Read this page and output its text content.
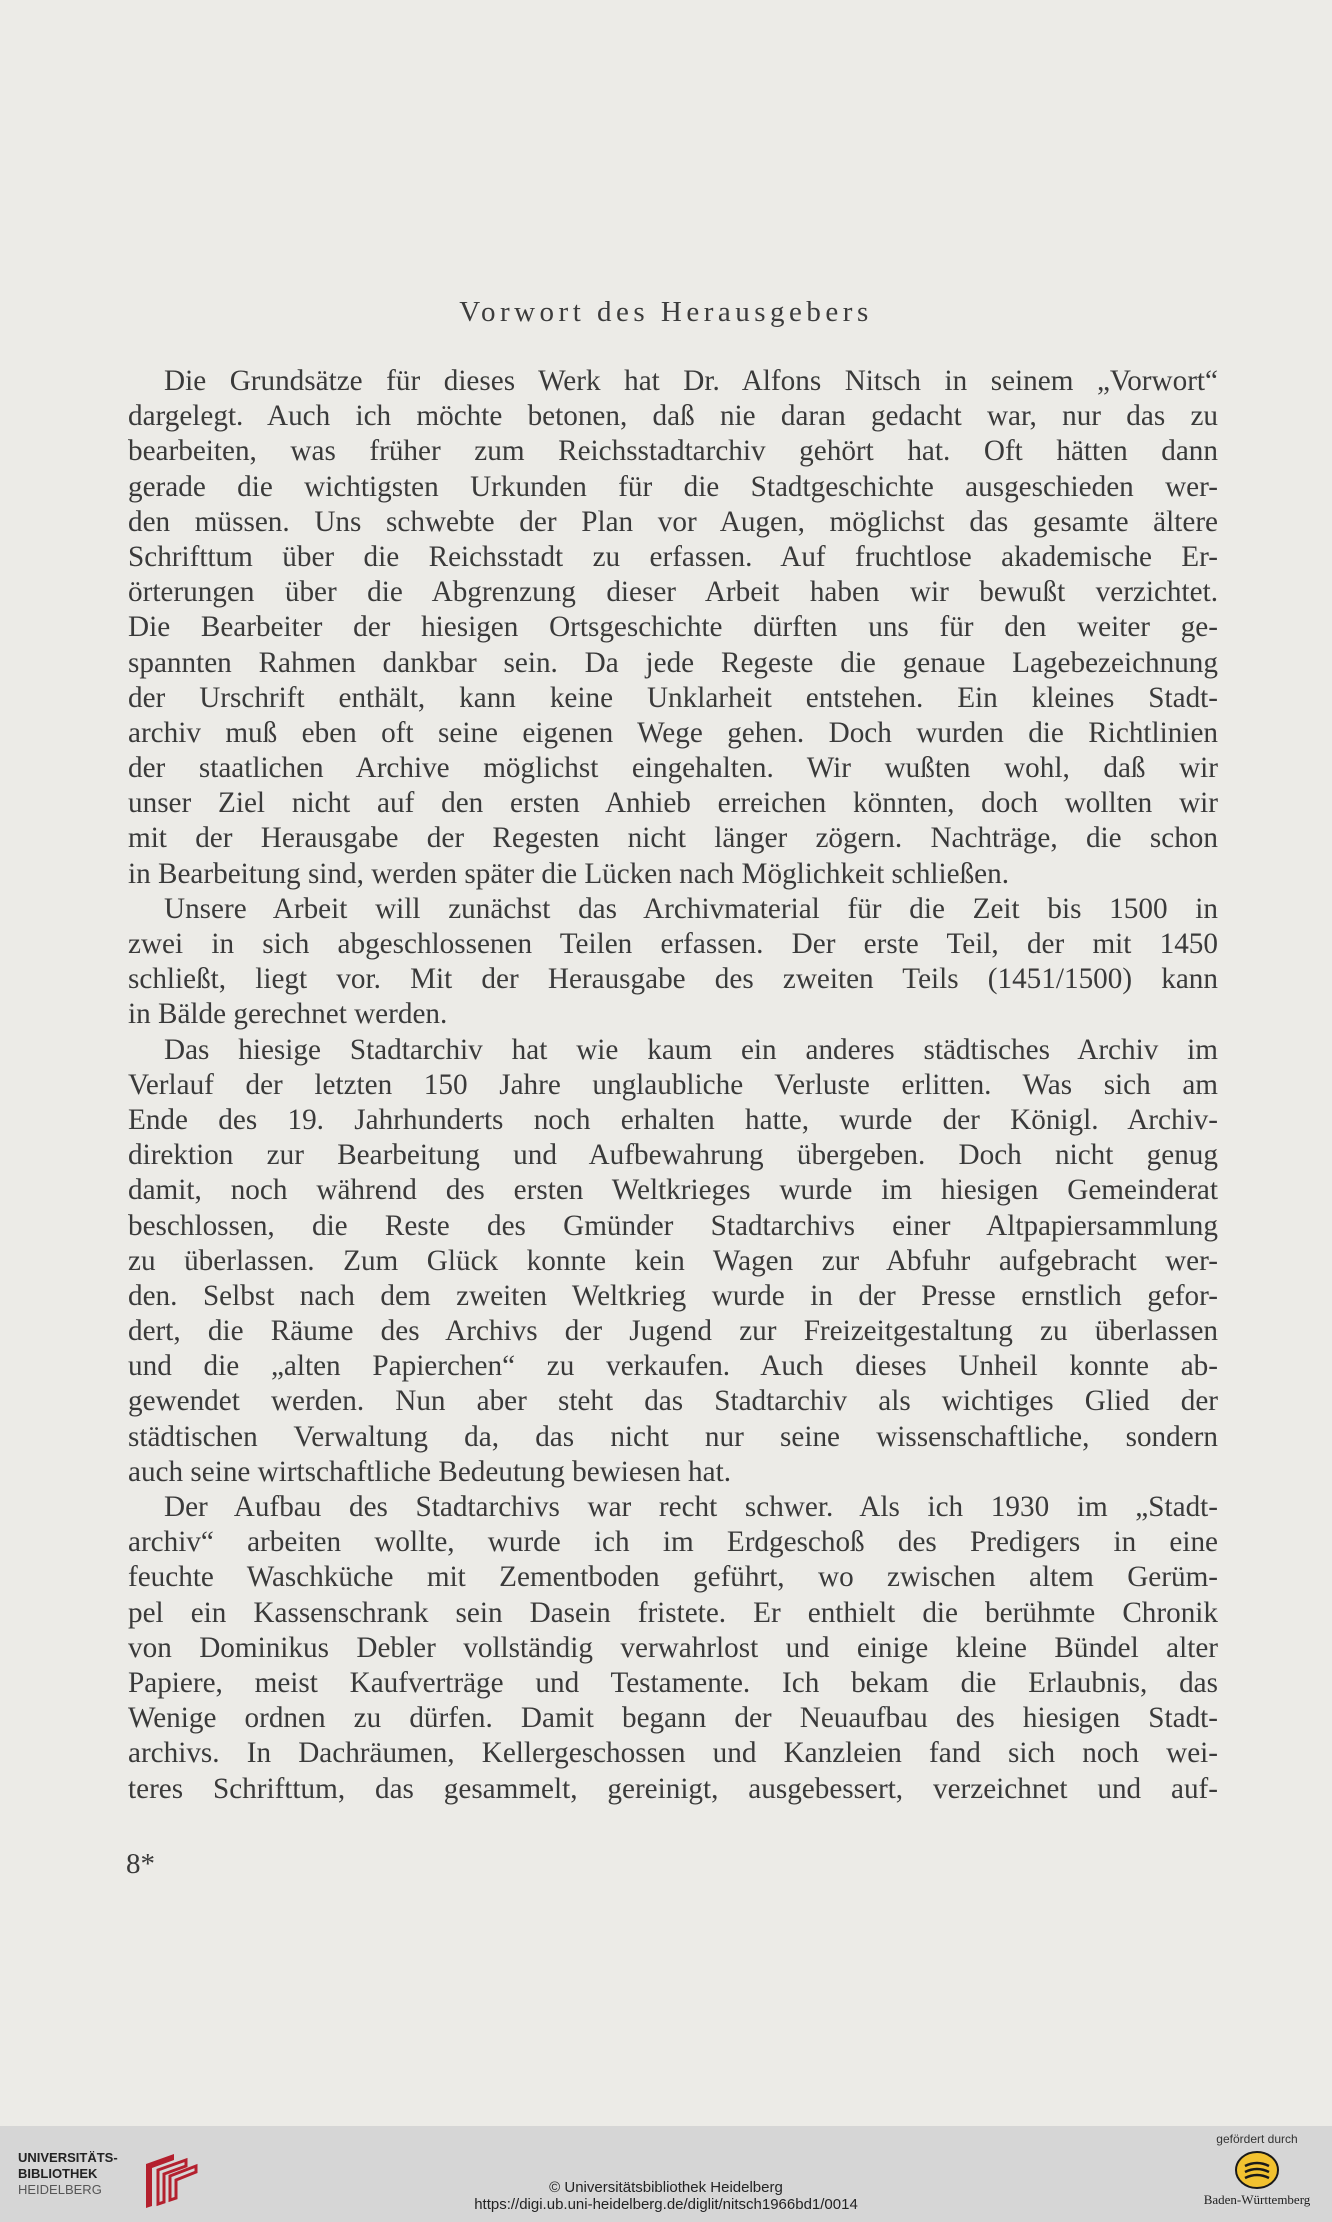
Vorwort des Herausgebers
Die Grundsätze für dieses Werk hat Dr. Alfons Nitsch in seinem „Vorwort“
dargelegt. Auch ich möchte betonen, daß nie daran gedacht war, nur das zu
bearbeiten, was früher zum Reichsstadtarchiv gehört hat. Oft hätten dann
gerade die wichtigsten Urkunden für die Stadtgeschichte ausgeschieden wer-
den müssen. Uns schwebte der Plan vor Augen, möglichst das gesamte ältere
Schrifttum über die Reichsstadt zu erfassen. Auf fruchtlose akademische Er-
örterungen über die Abgrenzung dieser Arbeit haben wir bewußt verzichtet.
Die Bearbeiter der hiesigen Ortsgeschichte dürften uns für den weiter ge-
spannten Rahmen dankbar sein. Da jede Regeste die genaue Lagebezeichnung
der Urschrift enthält, kann keine Unklarheit entstehen. Ein kleines Stadt-
archiv muß eben oft seine eigenen Wege gehen. Doch wurden die Richtlinien
der staatlichen Archive möglichst eingehalten. Wir wußten wohl, daß wir
unser Ziel nicht auf den ersten Anhieb erreichen könnten, doch wollten wir
mit der Herausgabe der Regesten nicht länger zögern. Nachträge, die schon
in Bearbeitung sind, werden später die Lücken nach Möglichkeit schließen.
Unsere Arbeit will zunächst das Archivmaterial für die Zeit bis 1500 in
zwei in sich abgeschlossenen Teilen erfassen. Der erste Teil, der mit 1450
schließt, liegt vor. Mit der Herausgabe des zweiten Teils (1451/1500) kann
in Bälde gerechnet werden.
Das hiesige Stadtarchiv hat wie kaum ein anderes städtisches Archiv im
Verlauf der letzten 150 Jahre unglaubliche Verluste erlitten. Was sich am
Ende des 19. Jahrhunderts noch erhalten hatte, wurde der Königl. Archiv-
direktion zur Bearbeitung und Aufbewahrung übergeben. Doch nicht genug
damit, noch während des ersten Weltkrieges wurde im hiesigen Gemeinderat
beschlossen, die Reste des Gmünder Stadtarchivs einer Altpapiersammlung
zu überlassen. Zum Glück konnte kein Wagen zur Abfuhr aufgebracht wer-
den. Selbst nach dem zweiten Weltkrieg wurde in der Presse ernstlich gefor-
dert, die Räume des Archivs der Jugend zur Freizeitgestaltung zu überlassen
und die „alten Papierchen“ zu verkaufen. Auch dieses Unheil konnte ab-
gewendet werden. Nun aber steht das Stadtarchiv als wichtiges Glied der
städtischen Verwaltung da, das nicht nur seine wissenschaftliche, sondern
auch seine wirtschaftliche Bedeutung bewiesen hat.
Der Aufbau des Stadtarchivs war recht schwer. Als ich 1930 im „Stadt-
archiv“ arbeiten wollte, wurde ich im Erdgeschoß des Predigers in eine
feuchte Waschküche mit Zementboden geführt, wo zwischen altem Gerüm-
pel ein Kassenschrank sein Dasein fristete. Er enthielt die berühmte Chronik
von Dominikus Debler vollständig verwahrlost und einige kleine Bündel alter
Papiere, meist Kaufverträge und Testamente. Ich bekam die Erlaubnis, das
Wenige ordnen zu dürfen. Damit begann der Neuaufbau des hiesigen Stadt-
archivs. In Dachräumen, Kellergeschossen und Kanzleien fand sich noch wei-
teres Schrifttum, das gesammelt, gereinigt, ausgebessert, verzeichnet und auf-
8*
UNIVERSITÄTS-
BIBLIOTHEK
HEIDELBERG	© Universitätsbibliothek Heidelberg
https://digi.ub.uni-heidelberg.de/diglit/nitsch1966bd1/0014
gefördert durch
Baden-Württemberg
